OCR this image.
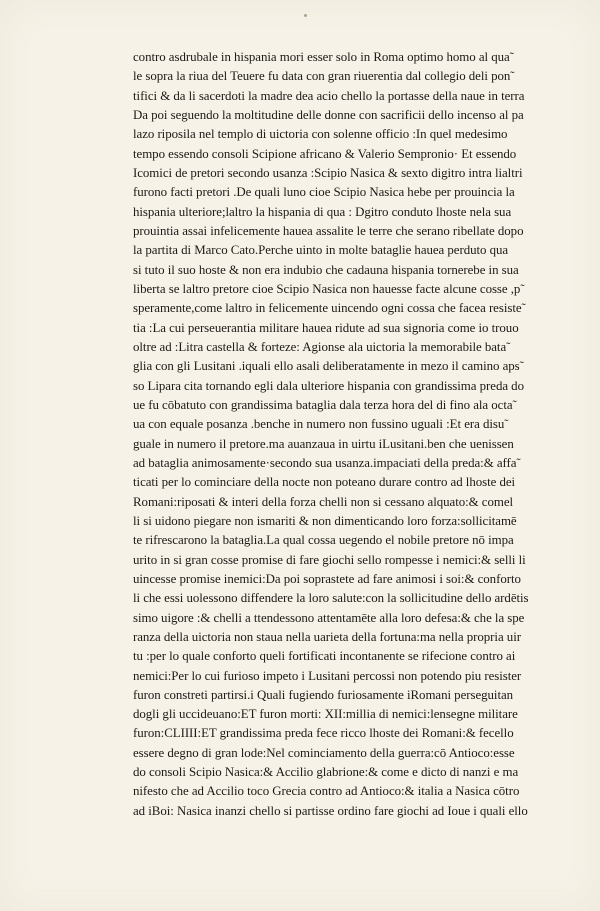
contro asdrubale in hispania mori esser solo in Roma optimo homo al qua˜
le sopra la riua del Teuere fu data con gran riuerentia dal collegio deli pon˜
tifici & da li sacerdoti la madre dea acio chello la portasse della naue in terra
Da poi seguendo la moltitudine delle donne con sacrificii dello incenso al pa
lazo riposila nel templo di uictoria con solenne officio :In quel medesimo
tempo essendo consoli Scipione africano & Valerio Sempronio· Et essendo
Icomici de pretori secondo usanza :Scipio Nasica & sexto digitro intra lialtri
furono facti pretori .De quali luno cioe Scipio Nasica hebe per prouincia la
hispania ulteriore;laltro la hispania di qua : Dgitro conduto lhoste nela sua
prouintia assai infelicemente hauea assalite le terre che serano ribellate dopo
la partita di Marco Cato.Perche uinto in molte bataglie hauea perduto qua
si tuto il suo hoste & non era indubio che cadauna hispania tornerebe in sua
liberta se laltro pretore cioe Scipio Nasica non hauesse facte alcune cosse ,p˜
speramente,come laltro in felicemente uincendo ogni cossa che facea resiste˜
tia :La cui perseuerantia militare hauea ridute ad sua signoria come io trouo
oltre ad :Litra castella & forteze: Agionse ala uictoria la memorabile bata˜
glia con gli Lusitani .iquali ello asali deliberatamente in mezo il camino aps˜
so Lipara cita tornando egli dala ulteriore hispania con grandissima preda do
ue fu cōbatuto con grandissima bataglia dala terza hora del di fino ala octa˜
ua con equale posanza .benche in numero non fussino uguali :Et era disu˜
guale in numero il pretore.ma auanzaua in uirtu iLusitani.ben che uenissen
ad bataglia animosamente·secondo sua usanza.impaciati della preda:& affa˜
ticati per lo cominciare della nocte non poteano durare contro ad lhoste dei
Romani:riposati & interi della forza chelli non si cessano alquato:& comel
li si uidono piegare non ismariti & non dimenticando loro forza:sollicitamē
te rifrescarono la bataglia.La qual cossa uegendo el nobile pretore nō impa
urito in si gran cosse promise di fare giochi sello rompesse i nemici:& selli li
uincesse promise inemici:Da poi soprastete ad fare animosi i soi:& conforto
li che essi uolessono diffendere la loro salute:con la sollicitudine dello ardētis
simo uigore :& chelli a ttendessono attentamēte alla loro defesa:& che la spe
ranza della uictoria non staua nella uarieta della fortuna:ma nella propria uir
tu :per lo quale conforto queli fortificati incontanente se rifecione contro ai
nemici:Per lo cui furioso impeto i Lusitani percossi non potendo piu resister
furon constreti partirsi.i Quali fugiendo furiosamente iRomani perseguitan
dogli gli uccideuano:ET furon morti: XII:millia di nemici:lensegne militare
furon:CLIIII:ET grandissima preda fece ricco lhoste dei Romani:& fecello
essere degno di gran lode:Nel cominciamento della guerra:cō Antioco:esse
do consoli Scipio Nasica:& Accilio glabrione:& come e dicto di nanzi e ma
nifesto che ad Accilio toco Grecia contro ad Antioco:& italia a Nasica cōtro
ad iBoi: Nasica inanzi chello si partisse ordino fare giochi ad Ioue i quali ello
